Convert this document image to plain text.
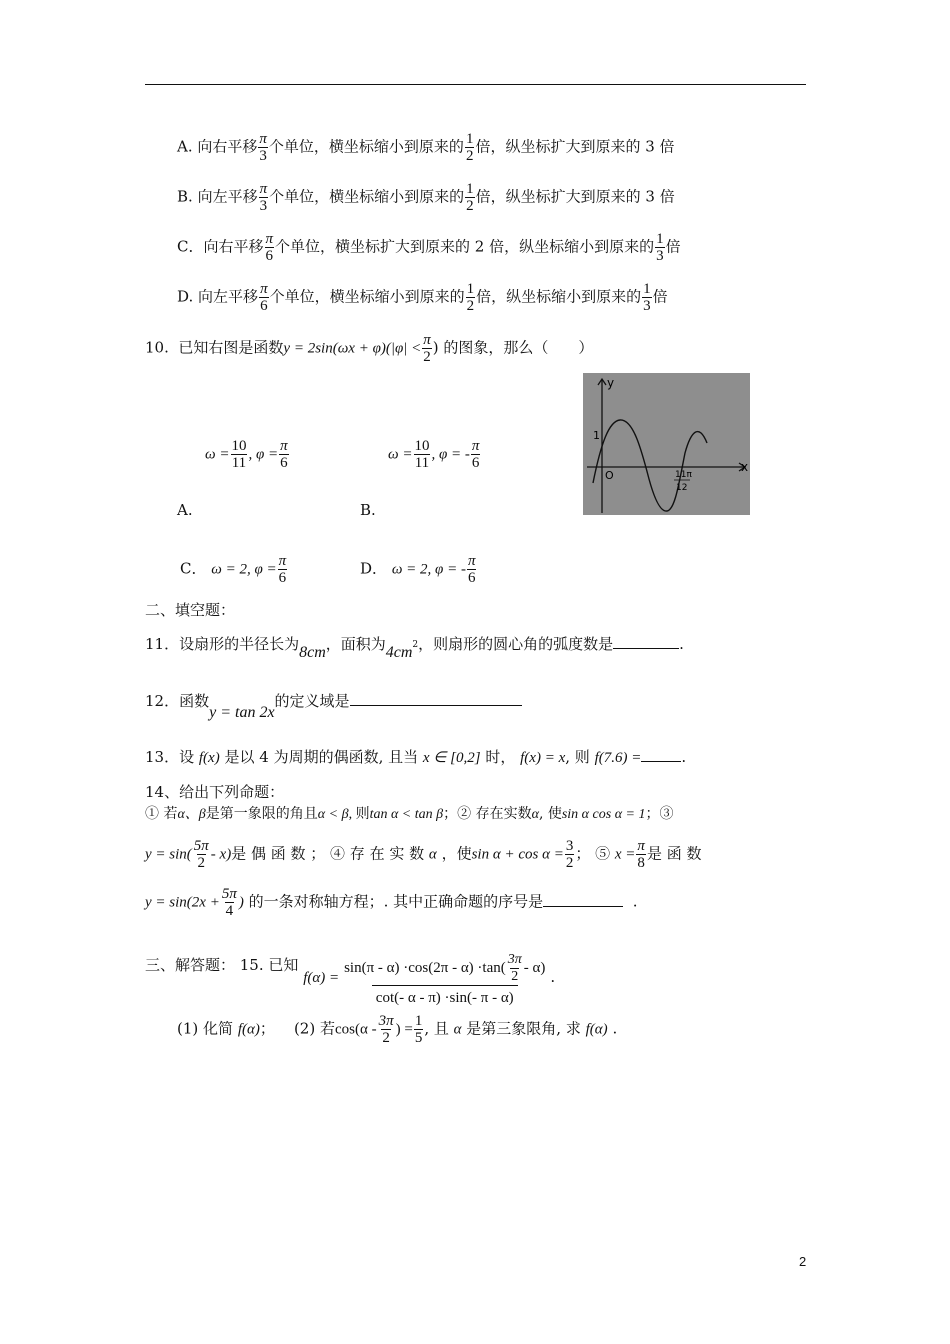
A. 向右平移 $\frac{\pi}{3}$ 个单位，横坐标缩小到原来的 $\frac{1}{2}$ 倍，纵坐标扩大到原来的 3 倍
B. 向左平移 $\frac{\pi}{3}$ 个单位，横坐标缩小到原来的 $\frac{1}{2}$ 倍，纵坐标扩大到原来的 3 倍
C．向右平移 $\frac{\pi}{6}$ 个单位，横坐标扩大到原来的 2 倍，纵坐标缩小到原来的 $\frac{1}{3}$ 倍
D. 向左平移 $\frac{\pi}{6}$ 个单位，横坐标缩小到原来的 $\frac{1}{2}$ 倍，纵坐标缩小到原来的 $\frac{1}{3}$ 倍
10. 已知右图是函数$y = 2\sin(\omega x + \varphi)(|\varphi| < \frac{\pi}{2}$ ) 的图象，那么（　　）
$\omega = \frac{10}{11}$ , $\varphi = \frac{\pi}{6}$	$\omega = \frac{10}{11}$ , φ = - $\frac{\pi}{6}$
A.	B.
C． ω = 2, $\varphi = \frac{\pi}{6}$	D． ω = 2, φ = - $\frac{\pi}{6}$
y
x
1
O	11π
12
二、填空题：
11．设扇形的半径长为8cm，面积为$4cm^2$，则扇形的圆心角的弧度数是	.
12．函数y = tan 2x的定义域是
13．设 f(x) 是以 4 为周期的偶函数, 且当 x ∈ [0,2] 时， f(x) = x, 则 f(7.6) =	.
14、给出下列命题：
① 若α、β是第一象限的角且α < β, 则tan α < tan β；② 存在实数α, 使sin α cos α = 1；③
$y = \sin( \frac{5\pi}{2} - x)$是 偶 函 数 ； ④ 存 在 实 数 α ，使$\sin \alpha + \cos \alpha = \frac{3}{2}$ ； ⑤ $x = \frac{\pi}{8}$ 是 函 数
$y = \sin(2x + \frac{5\pi}{4}$ ) 的一条对称轴方程；. 其中正确命题的序号是	.
三、解答题： 15. 已知 $f(\alpha) = \frac{\sin(\pi - \alpha) \cdot\cos(2\pi - \alpha) \cdot\tan( \frac{3\pi}{2} - \alpha)}{\cot(- \alpha - \pi) \cdot\sin(- \pi - \alpha)}$ .
(1) 化简 f(α)； (2) 若$\cos(\alpha - \frac{3\pi}{2}$ ) = $\frac{1}{5}$ , 且 α 是第三象限角, 求 f(α) .
2
